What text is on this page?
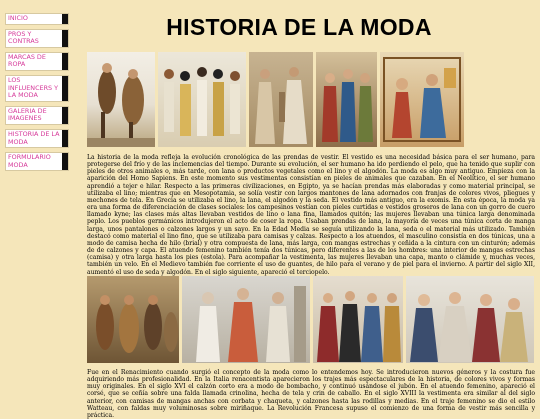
INICIO
PROS Y CONTRAS
MARCAS DE ROPA
LOS INFLUENCERS Y LA MODA
GALERIA DE IMAGENES
HISTORIA DE LA MODA
FORMULARIO MODA
HISTORIA DE LA MODA

La historia de la moda refleja la evolución cronológica de las prendas de vestir. El vestido es una necesidad básica para el ser humano, para protegerse del frío y de las inclemencias del tiempo. Durante su evolución, el ser humano ha ido perdiendo el pelo, que ha tenido que suplir con pieles de otros animales o, más tarde, con lana o productos vegetales como el lino y el algodón. La moda es algo muy antiguo. Empieza con la aparición del Homo Sapiens. En este momento sus vestimentas consistían en pieles de animales que cazaban. En el Neolítico, el ser humano aprendió a tejer e hilar. Respecto a las primeras civilizaciones, en Egipto, ya se hacían prendas más elaboradas y como material principal, se utilizaba el lino; mientras que en Mesopotamia, se solía vestir con largos mantones de lana adornados con franjas de colores vivos, pliegues y mechones de tela. En Grecia se utilizaba el lino, la lana, el algodón y la seda. El vestido más antiguo, era la exomis. En esta época, la moda ya era una forma de diferenciación de clases sociales: los campesinos vestían con pieles curtidas e vestidos groseros de lana con un gorro de cuero llamado kyne; las clases más altas llevaban vestidos de lino o lana fina, llamados quitón; las mujeres llevaban una túnica larga denominada peplo. Los pueblos germánicos introdujeron el acto de coser la ropa. Usaban prendas de lana, la mayoría de veces una túnica corta de manga larga, unos pantalones o calzones largos y un sayo. En la Edad Media se seguía utilizando la lana, seda o el material más utilizado. También destacó como material el lino fino, que se utilizaba para camisas y calzas. Respecto a los atuendos, el masculino consistía en dos túnicas, una a modo de camisa hecha de hilo (brial) y otra compuesta de lana, más larga, con mangas estrechas y ceñida a la cintura con un cinturón; además de de calzones y capa. El atuendo femenino también tenía dos túnicas, pero diferentes a las de los hombres: una interior de mangas estrechas (camisa) y otra larga hasta los pies (estola). Para acompañar la vestimenta, las mujeres llevaban una capa, manto o clámide y, muchas veces, también un velo. En el Medievo también fue corriente el uso de guantes, de hilo para el verano y de piel para el invierno. A partir del siglo XII, aumentó el uso de seda y algodón. En el siglo siguiente, apareció el terciopelo.

Fue en el Renacimiento cuando surgió el concepto de la moda como lo entendemos hoy. Se introducieron nuevos géneros y la costura fue adquiriendo más profesionalidad. En la Italia renacentista aparecieron los trajes más espectaculares de la historia, de colores vivos y formas muy originales. En el siglo XVI el calzón corto era a modo de bombacho, y continuó usándose el jubón. En el atuendo femenino, apareció el corsé, que se ceñía sobre una falda llamada crinolina, hecha de tela y crin de caballo. En el siglo XVIII la vestimenta era similar al del siglo anterior, con camisas de mangas anchas con corbata y chaqueta, y calzones hasta las rodillas y medias. En el traje femenino se dio el estilo Watteau, con faldas muy voluminosas sobre miriñaque. La Revolución Francesa supuso el comienzo de una forma de vestir más sencilla y práctica.
